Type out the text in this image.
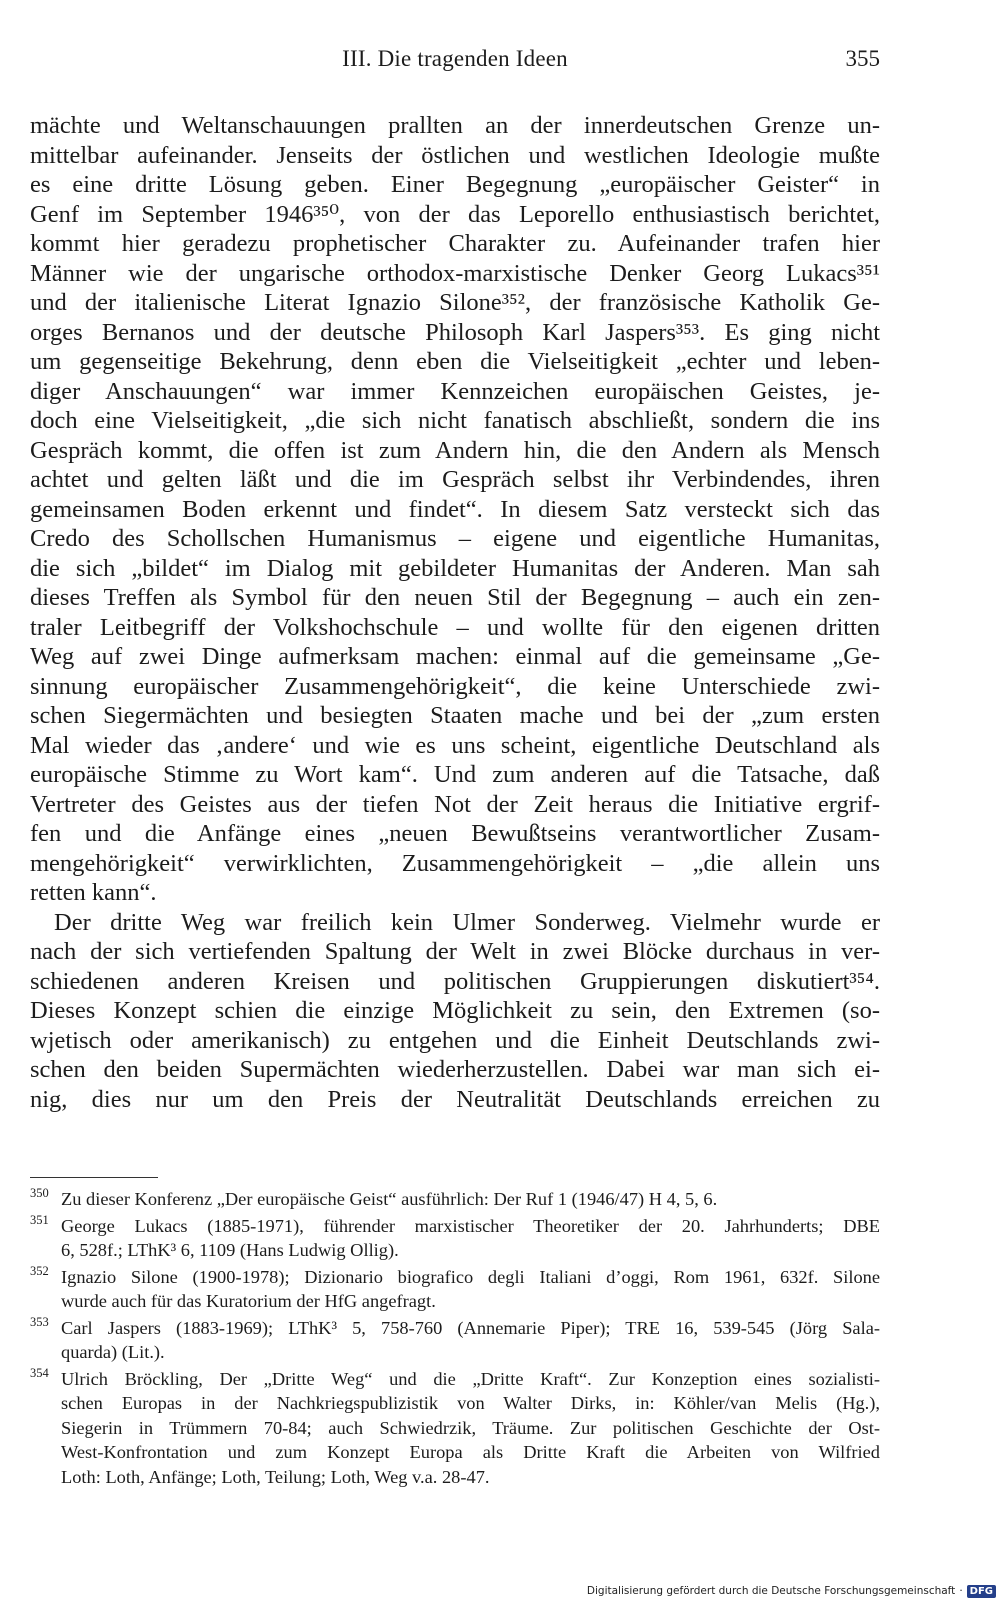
III. Die tragenden Ideen	355
mächte und Weltanschauungen prallten an der innerdeutschen Grenze un-
mittelbar aufeinander. Jenseits der östlichen und westlichen Ideologie mußte
es eine dritte Lösung geben. Einer Begegnung „europäischer Geister“ in
Genf im September 1946³⁵⁰, von der das Leporello enthusiastisch berichtet,
kommt hier geradezu prophetischer Charakter zu. Aufeinander trafen hier
Männer wie der ungarische orthodox-marxistische Denker Georg Lukacs³⁵¹
und der italienische Literat Ignazio Silone³⁵², der französische Katholik Ge-
orges Bernanos und der deutsche Philosoph Karl Jaspers³⁵³. Es ging nicht
um gegenseitige Bekehrung, denn eben die Vielseitigkeit „echter und leben-
diger Anschauungen“ war immer Kennzeichen europäischen Geistes, je-
doch eine Vielseitigkeit, „die sich nicht fanatisch abschließt, sondern die ins
Gespräch kommt, die offen ist zum Andern hin, die den Andern als Mensch
achtet und gelten läßt und die im Gespräch selbst ihr Verbindendes, ihren
gemeinsamen Boden erkennt und findet“. In diesem Satz versteckt sich das
Credo des Schollschen Humanismus – eigene und eigentliche Humanitas,
die sich „bildet“ im Dialog mit gebildeter Humanitas der Anderen. Man sah
dieses Treffen als Symbol für den neuen Stil der Begegnung – auch ein zen-
traler Leitbegriff der Volkshochschule – und wollte für den eigenen dritten
Weg auf zwei Dinge aufmerksam machen: einmal auf die gemeinsame „Ge-
sinnung europäischer Zusammengehörigkeit“, die keine Unterschiede zwi-
schen Siegermächten und besiegten Staaten mache und bei der „zum ersten
Mal wieder das ‚andere‘ und wie es uns scheint, eigentliche Deutschland als
europäische Stimme zu Wort kam“. Und zum anderen auf die Tatsache, daß
Vertreter des Geistes aus der tiefen Not der Zeit heraus die Initiative ergrif-
fen und die Anfänge eines „neuen Bewußtseins verantwortlicher Zusam-
mengehörigkeit“ verwirklichten, Zusammengehörigkeit – „die allein uns
retten kann“.
Der dritte Weg war freilich kein Ulmer Sonderweg. Vielmehr wurde er
nach der sich vertiefenden Spaltung der Welt in zwei Blöcke durchaus in ver-
schiedenen anderen Kreisen und politischen Gruppierungen diskutiert³⁵⁴.
Dieses Konzept schien die einzige Möglichkeit zu sein, den Extremen (so-
wjetisch oder amerikanisch) zu entgehen und die Einheit Deutschlands zwi-
schen den beiden Supermächten wiederherzustellen. Dabei war man sich ei-
nig, dies nur um den Preis der Neutralität Deutschlands erreichen zu
350 Zu dieser Konferenz „Der europäische Geist“ ausführlich: Der Ruf 1 (1946/47) H 4, 5, 6.
351 George Lukacs (1885-1971), führender marxistischer Theoretiker der 20. Jahrhunderts; DBE
6, 528f.; LThK³ 6, 1109 (Hans Ludwig Ollig).
352 Ignazio Silone (1900-1978); Dizionario biografico degli Italiani d’oggi, Rom 1961, 632f. Silone
wurde auch für das Kuratorium der HfG angefragt.
353 Carl Jaspers (1883-1969); LThK³ 5, 758-760 (Annemarie Piper); TRE 16, 539-545 (Jörg Sala-
quarda) (Lit.).
354 Ulrich Bröckling, Der „Dritte Weg“ und die „Dritte Kraft“. Zur Konzeption eines sozialisti-
schen Europas in der Nachkriegspublizistik von Walter Dirks, in: Köhler/van Melis (Hg.),
Siegerin in Trümmern 70-84; auch Schwiedrzik, Träume. Zur politischen Geschichte der Ost-
West-Konfrontation und zum Konzept Europa als Dritte Kraft die Arbeiten von Wilfried
Loth: Loth, Anfänge; Loth, Teilung; Loth, Weg v.a. 28-47.
Digitalisierung gefördert durch die Deutsche Forschungsgemeinschaft · DFG
